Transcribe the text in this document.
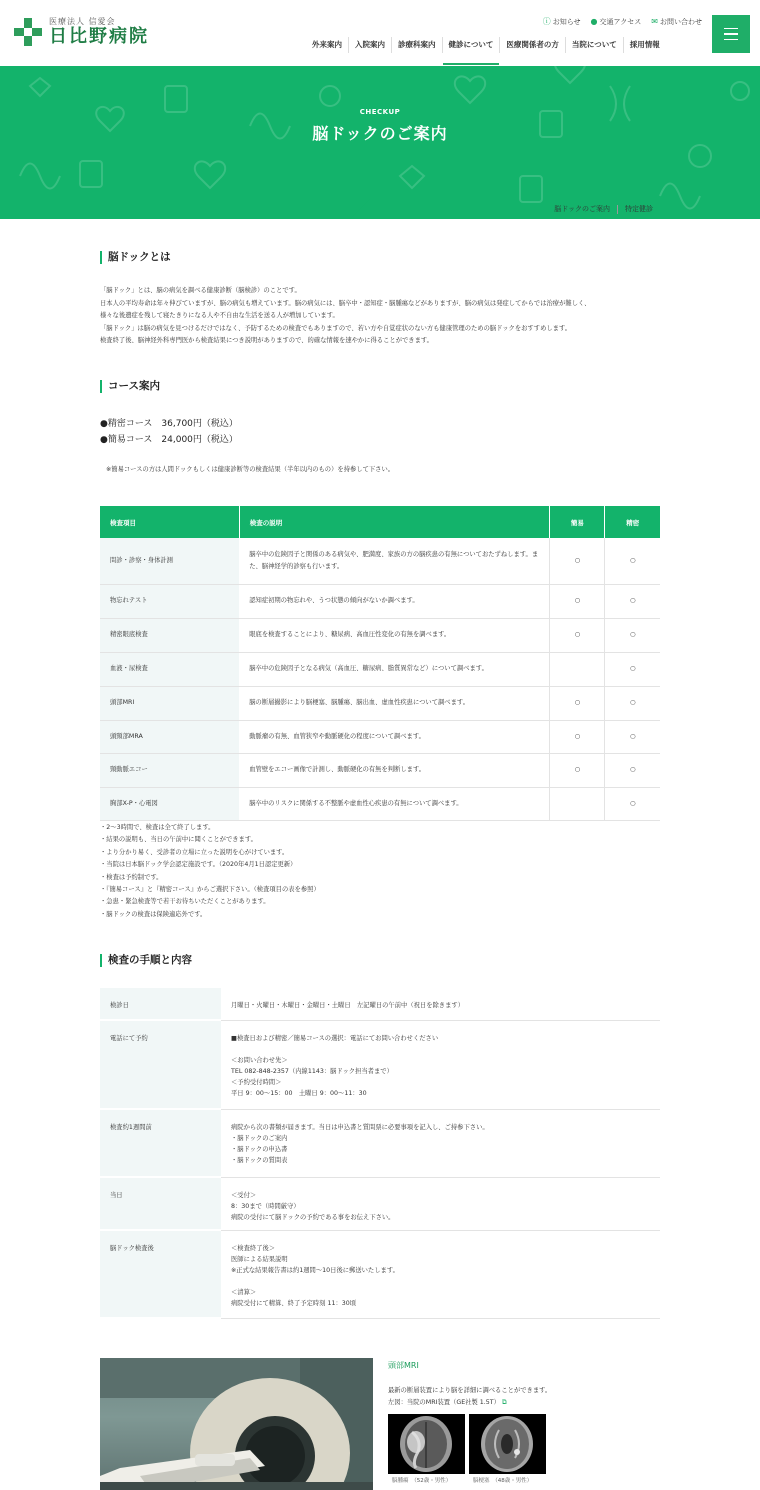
医療法人 信愛会
日比野病院
ⓘ お知らせ ● 交通アクセス ✉ お問い合わせ
外来案内	入院案内	診療科案内	健診について	医療関係者の方	当院について	採用情報
CHECKUP
脳ドックのご案内
脳ドックのご案内	特定健診
脳ドックとは
「脳ドック」とは、脳の病気を調べる健康診断（脳検診）のことです。
日本人の平均寿命は年々伸びていますが、脳の病気も増えています。脳の病気には、脳卒中・認知症・脳腫瘍などがありますが、脳の病気は発症してからでは治療が難しく、
様々な後遺症を残して寝たきりになる人や不自由な生活を送る人が増加しています。
「脳ドック」は脳の病気を見つけるだけではなく、予防するための検査でもありますので、若い方や自覚症状のない方も健康管理のための脳ドックをおすすめします。
検査終了後、脳神経外科専門医から検査結果につき説明がありますので、的確な情報を速やかに得ることができます。
コース案内
●精密コース　36,700円（税込）
●簡易コース　24,000円（税込）
※簡易コースの方は人間ドックもしくは健康診断等の検査結果（半年以内のもの）を持参して下さい。
検査項目	検査の説明	簡易	精密
問診・診察・身体計測	脳卒中の危険因子と関係のある病気や、肥満度、家族の方の脳疾患の有無についておたずねします。また、脳神経学的診察も行います。	○	○
物忘れテスト	認知症初期の物忘れや、うつ状態の傾向がないか調べます。	○	○
精密眼底検査	眼底を検査することにより、糖尿病、高血圧性変化の有無を調べます。	○	○
血液・尿検査	脳卒中の危険因子となる病気（高血圧、糖尿病、脂質異常など）について調べます。		○
頭部MRI	脳の断層撮影により脳梗塞、脳腫瘍、脳出血、虚血性疾患について調べます。	○	○
頭頸部MRA	動脈瘤の有無、血管狭窄や動脈硬化の程度について調べます。	○	○
頸動脈エコー	血管壁をエコー画像で計測し、動脈硬化の有無を判断します。	○	○
胸部X-P・心電図	脳卒中のリスクに関係する不整脈や虚血性心疾患の有無について調べます。		○
・2～3時間で、検査は全て終了します。
・結果の説明も、当日の午前中に聞くことができます。
・より分かり易く、受診者の立場に立った説明を心がけています。
・当院は日本脳ドック学会認定施設です。（2020年4月1日認定更新）
・検査は予約制です。
・『簡易コース』と『精密コース』からご選択下さい。（検査項目の表を参照）
・急患・緊急検査等で若干お待ちいただくことがあります。
・脳ドックの検査は保険適応外です。
検査の手順と内容
検診日	月曜日・火曜日・木曜日・金曜日・土曜日　左記曜日の午前中（祝日を除きます）
電話にて予約	■検査日および精密／簡易コースの選択：電話にてお問い合わせください

＜お問い合わせ先＞
TEL 082-848-2357（内線1143：脳ドック担当者まで）
＜予約受付時間＞
平日 9：00～15：00　土曜日 9：00～11：30
検査約1週間前	病院から次の書類が届きます。当日は申込書と質問票に必要事項を記入し、ご持参下さい。
・脳ドックのご案内
・脳ドックの申込書
・脳ドックの質問表
当日	＜受付＞
8：30まで（時間厳守）
病院の受付にて脳ドックの予約である事をお伝え下さい。
脳ドック検査後	＜検査終了後＞
医師による結果説明
※正式な結果報告書は約1週間～10日後に郵送いたします。

＜清算＞
病院受付にて精算、終了予定時刻 11：30頃
頭部MRI
最新の断層装置により脳を詳細に調べることができます。
左図：当院のMRI装置（GE社製 1.5T） ⧉
脳腫瘍　（52歳・男性）	脳梗塞　（48歳・男性）
